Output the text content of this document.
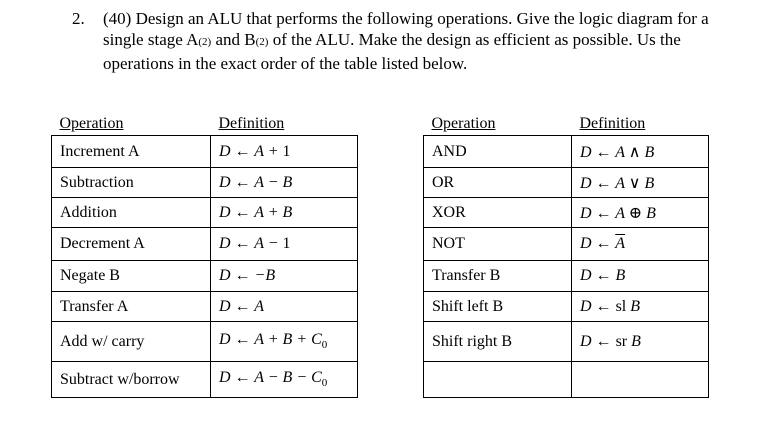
2. (40) Design an ALU that performs the following operations. Give the logic diagram for a single stage A(2) and B(2) of the ALU. Make the design as efficient as possible. Us the operations in the exact order of the table listed below.
Operation	Definition
Increment A	D ← A + 1
Subtraction	D ← A − B
Addition	D ← A + B
Decrement A	D ← A − 1
Negate B	D ← −B
Transfer A	D ← A
Add w/ carry	D ← $A + B + C_0$
Subtract w/borrow	D ← $A - B - C_0$
Operation	Definition
AND	D ← A ∧ B
OR	D ← A ∨ B
XOR	D ← A ⊕ B
NOT	D ← $\overline{A}$
Transfer B	D ← B
Shift left B	D ← sl B
Shift right B	D ← sr B
